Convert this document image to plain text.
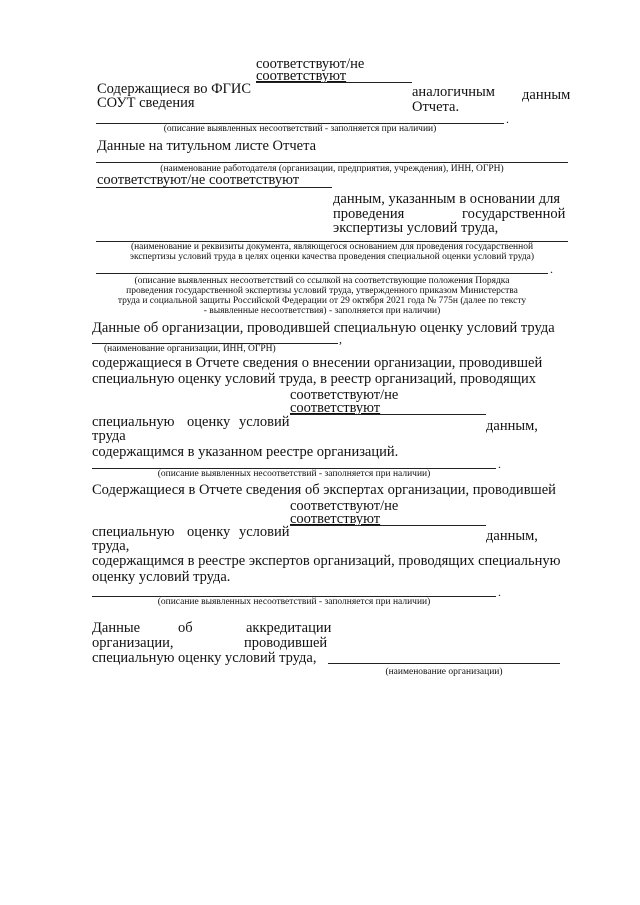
соответствуют/не
соответствуют
Содержащиеся во ФГИС
СОУТ сведения
аналогичным данным
Отчета.
.
(описание выявленных несоответствий - заполняется при наличии)
Данные на титульном листе Отчета
(наименование работодателя (организации, предприятия, учреждения), ИНН, ОГРН)
соответствуют/не соответствуют
данным, указанным в основании для
проведения	государственной
экспертизы условий труда,
(наименование и реквизиты документа, являющегося основанием для проведения государственной
экспертизы условий труда в целях оценки качества проведения специальной оценки условий труда)
.
(описание выявленных несоответствий со ссылкой на соответствующие положения Порядка
проведения государственной экспертизы условий труда, утвержденного приказом Министерства
труда и социальной защиты Российской Федерации от 29 октября 2021 года № 775н (далее по тексту
- выявленные несоответствия) - заполняется при наличии)
Данные об организации, проводившей специальную оценку условий труда
,
(наименование организации, ИНН, ОГРН)
содержащиеся в Отчете сведения о внесении организации, проводившей
специальную оценку условий труда, в реестр организаций, проводящих
соответствуют/не
соответствуют
специальную оценку условий
труда
данным,
содержащимся в указанном реестре организаций.
.
(описание выявленных несоответствий - заполняется при наличии)
Содержащиеся в Отчете сведения об экспертах организации, проводившей
соответствуют/не
соответствуют
специальную оценку условий
труда,
данным,
содержащимся в реестре экспертов организаций, проводящих специальную
оценку условий труда.
.
(описание выявленных несоответствий - заполняется при наличии)
Данные	об	аккредитации
организации,	проводившей
специальную оценку условий труда,
(наименование организации)
